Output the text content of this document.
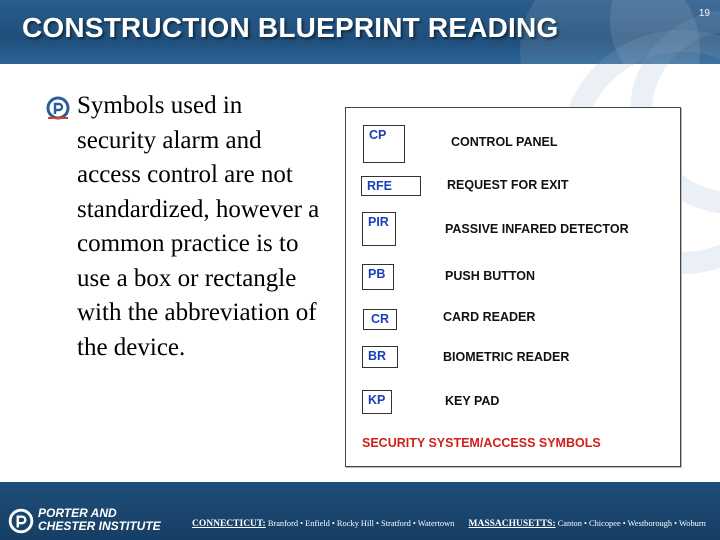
CONSTRUCTION BLUEPRINT READING	19
Symbols used in security alarm and access control are not standardized, however a common practice is to use a box or rectangle with the abbreviation of the device.
CP	CONTROL PANEL
RFE	REQUEST FOR EXIT
PIR	PASSIVE INFARED DETECTOR
PB	PUSH BUTTON
CR	CARD READER
BR	BIOMETRIC READER
KP	KEY PAD
SECURITY SYSTEM/ACCESS SYMBOLS
PORTER AND
CHESTER INSTITUTE	CONNECTICUT: Branford • Enfield • Rocky Hill • Stratford • Watertown MASSACHUSETTS: Canton • Chicopee • Westborough • Woburn
